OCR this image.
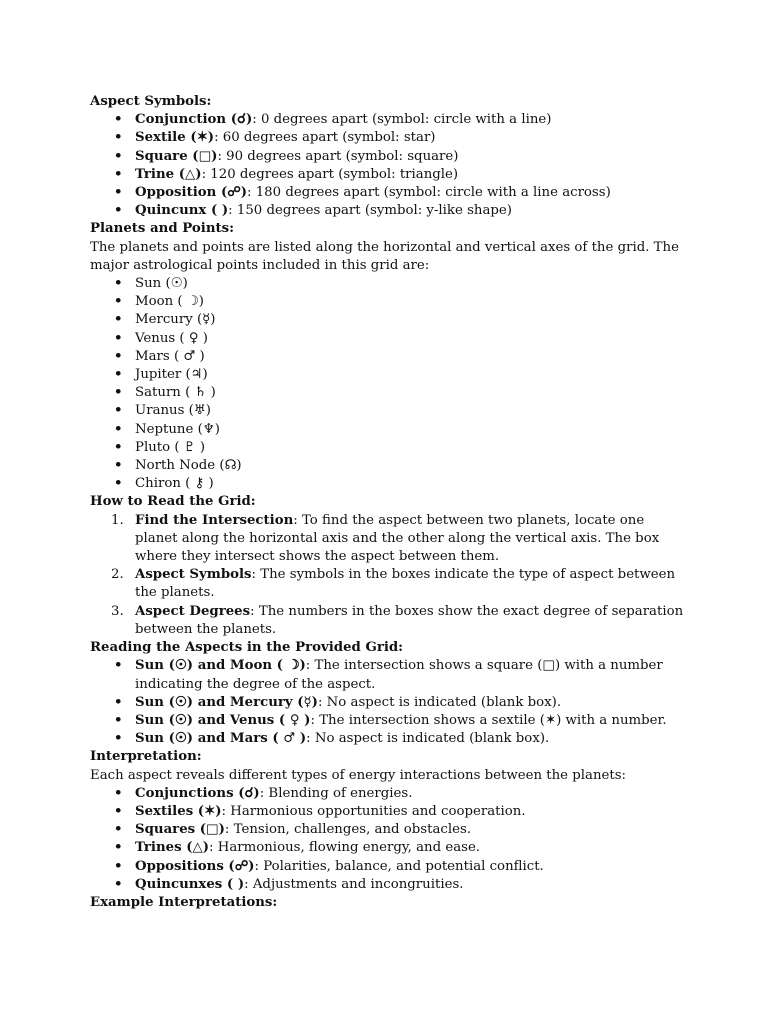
Aspect Symbols:

• Conjunction (☌): 0 degrees apart (symbol: circle with a line)
• Sextile (✶): 60 degrees apart (symbol: star)
• Square (□): 90 degrees apart (symbol: square)
• Trine (△): 120 degrees apart (symbol: triangle)
• Opposition (☍): 180 degrees apart (symbol: circle with a line across)
• Quincunx ( ): 150 degrees apart (symbol: y-like shape)

Planets and Points:

The planets and points are listed along the horizontal and vertical axes of the grid. The major astrological points included in this grid are:

• Sun (☉)
• Moon ( ☽)
• Mercury (☿)
• Venus ( ♀ )
• Mars ( ♂ )
• Jupiter (♃)
• Saturn ( ♄ )
• Uranus (♅)
• Neptune (♆)
• Pluto ( ♇ )
• North Node (☊)
• Chiron ( ⚷ )

How to Read the Grid:

1. Find the Intersection: To find the aspect between two planets, locate one planet along the horizontal axis and the other along the vertical axis. The box where they intersect shows the aspect between them.
2. Aspect Symbols: The symbols in the boxes indicate the type of aspect between the planets.
3. Aspect Degrees: The numbers in the boxes show the exact degree of separation between the planets.

Reading the Aspects in the Provided Grid:

• Sun (☉) and Moon ( ☽): The intersection shows a square (□) with a number indicating the degree of the aspect.
• Sun (☉) and Mercury (☿): No aspect is indicated (blank box).
• Sun (☉) and Venus ( ♀ ): The intersection shows a sextile (✶) with a number.
• Sun (☉) and Mars ( ♂ ): No aspect is indicated (blank box).

Interpretation:

Each aspect reveals different types of energy interactions between the planets:

• Conjunctions (☌): Blending of energies.
• Sextiles (✶): Harmonious opportunities and cooperation.
• Squares (□): Tension, challenges, and obstacles.
• Trines (△): Harmonious, flowing energy, and ease.
• Oppositions (☍): Polarities, balance, and potential conflict.
• Quincunxes ( ): Adjustments and incongruities.

Example Interpretations:
